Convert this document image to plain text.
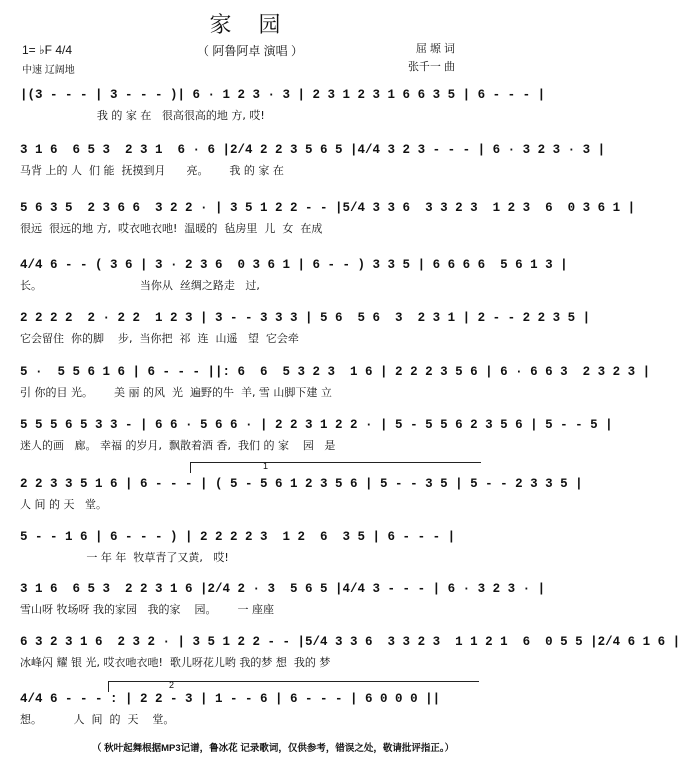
家 园
（ 阿鲁阿卓 演唱 ）	屈 塬 词
张千一 曲
1= ♭F 4/4
中速 辽阔地
|(3 - - - | 3 - - - )| 6 · 1 2 3 · 3 | 2 3 1 2 3 1 6 6 3 5 | 6 - - - |
我 的 家 在   很高很高的地 方, 哎!
3 1 6  6 5 3  2 3 1  6 · 6 |2/4 2 2 3 5 6 5 |4/4 3 2 3 - - - | 6 · 3 2 3 · 3 |
马背 上的 人  们 能  抚摸到月      亮。      我 的 家 在
5 6 3 5  2 3 6 6  3 2 2 · | 3 5 1 2 2 - - |5/4 3 3 6  3 3 2 3  1 2 3  6  0 3 6 1 |
很远  很远的地 方,  哎衣吔衣吔!  温暖的  毡房里  儿  女  在成
4/4 6 - - ( 3 6 | 3 · 2 3 6  0 3 6 1 | 6 - - ) 3 3 5 | 6 6 6 6  5 6 1 3 |
长。                            当你从  丝绸之路走   过,
2 2 2 2  2 · 2 2  1 2 3 | 3 - - 3 3 3 | 5 6  5 6  3  2 3 1 | 2 - - 2 2 3 5 |
它会留住  你的脚    步,  当你把  祁  连  山遥   望  它会牵
5 ·  5 5 6 1 6 | 6 - - - ||: 6  6  5 3 2 3  1 6 | 2 2 2 3 5 6 | 6 · 6 6 3  2 3 2 3 |
引 你的目 光。      美 丽 的风  光  遍野的牛  羊, 雪 山脚下建 立
5 5 5 6 5 3 3 - | 6 6 · 5 6 6 · | 2 2 3 1 2 2 · | 5 - 5 5 6 2 3 5 6 | 5 - - 5 |
迷人的画   廊。 幸福 的岁月,  飘散着酒 香,  我们 的 家    园   是
2 2 3 3 5 1 6 | 6 - - - | ( 5 - 5 6 1 2 3 5 6 | 5 - - 3 5 | 5 - - 2 3 3 5 |
人 间 的 天   堂。
5 - - 1 6 | 6 - - - ) | 2 2 2 2 3  1 2  6  3 5 | 6 - - - |
一 年 年  牧草青了又黄,   哎!
3 1 6  6 5 3  2 2 3 1 6 |2/4 2 · 3  5 6 5 |4/4 3 - - - | 6 · 3 2 3 · |
雪山呀 牧场呀 我的家园   我的家    园。      一 座座
6 3 2 3 1 6  2 3 2 · | 3 5 1 2 2 - - |5/4 3 3 6  3 3 2 3  1 1 2 1  6  0 5 5 |2/4 6 1 6 |
冰峰闪 耀 银 光, 哎衣吔衣吔!  歌儿呀花儿哟 我的梦 想  我的 梦
4/4 6 - - - : | 2 2 - 3 | 1 - - 6 | 6 - - - | 6 0 0 0 ||
想。         人  间  的  天    堂。
1
2
（ 秋叶起舞根据MP3记谱，鲁冰花 记录歌词，仅供参考，错误之处，敬请批评指正。）
